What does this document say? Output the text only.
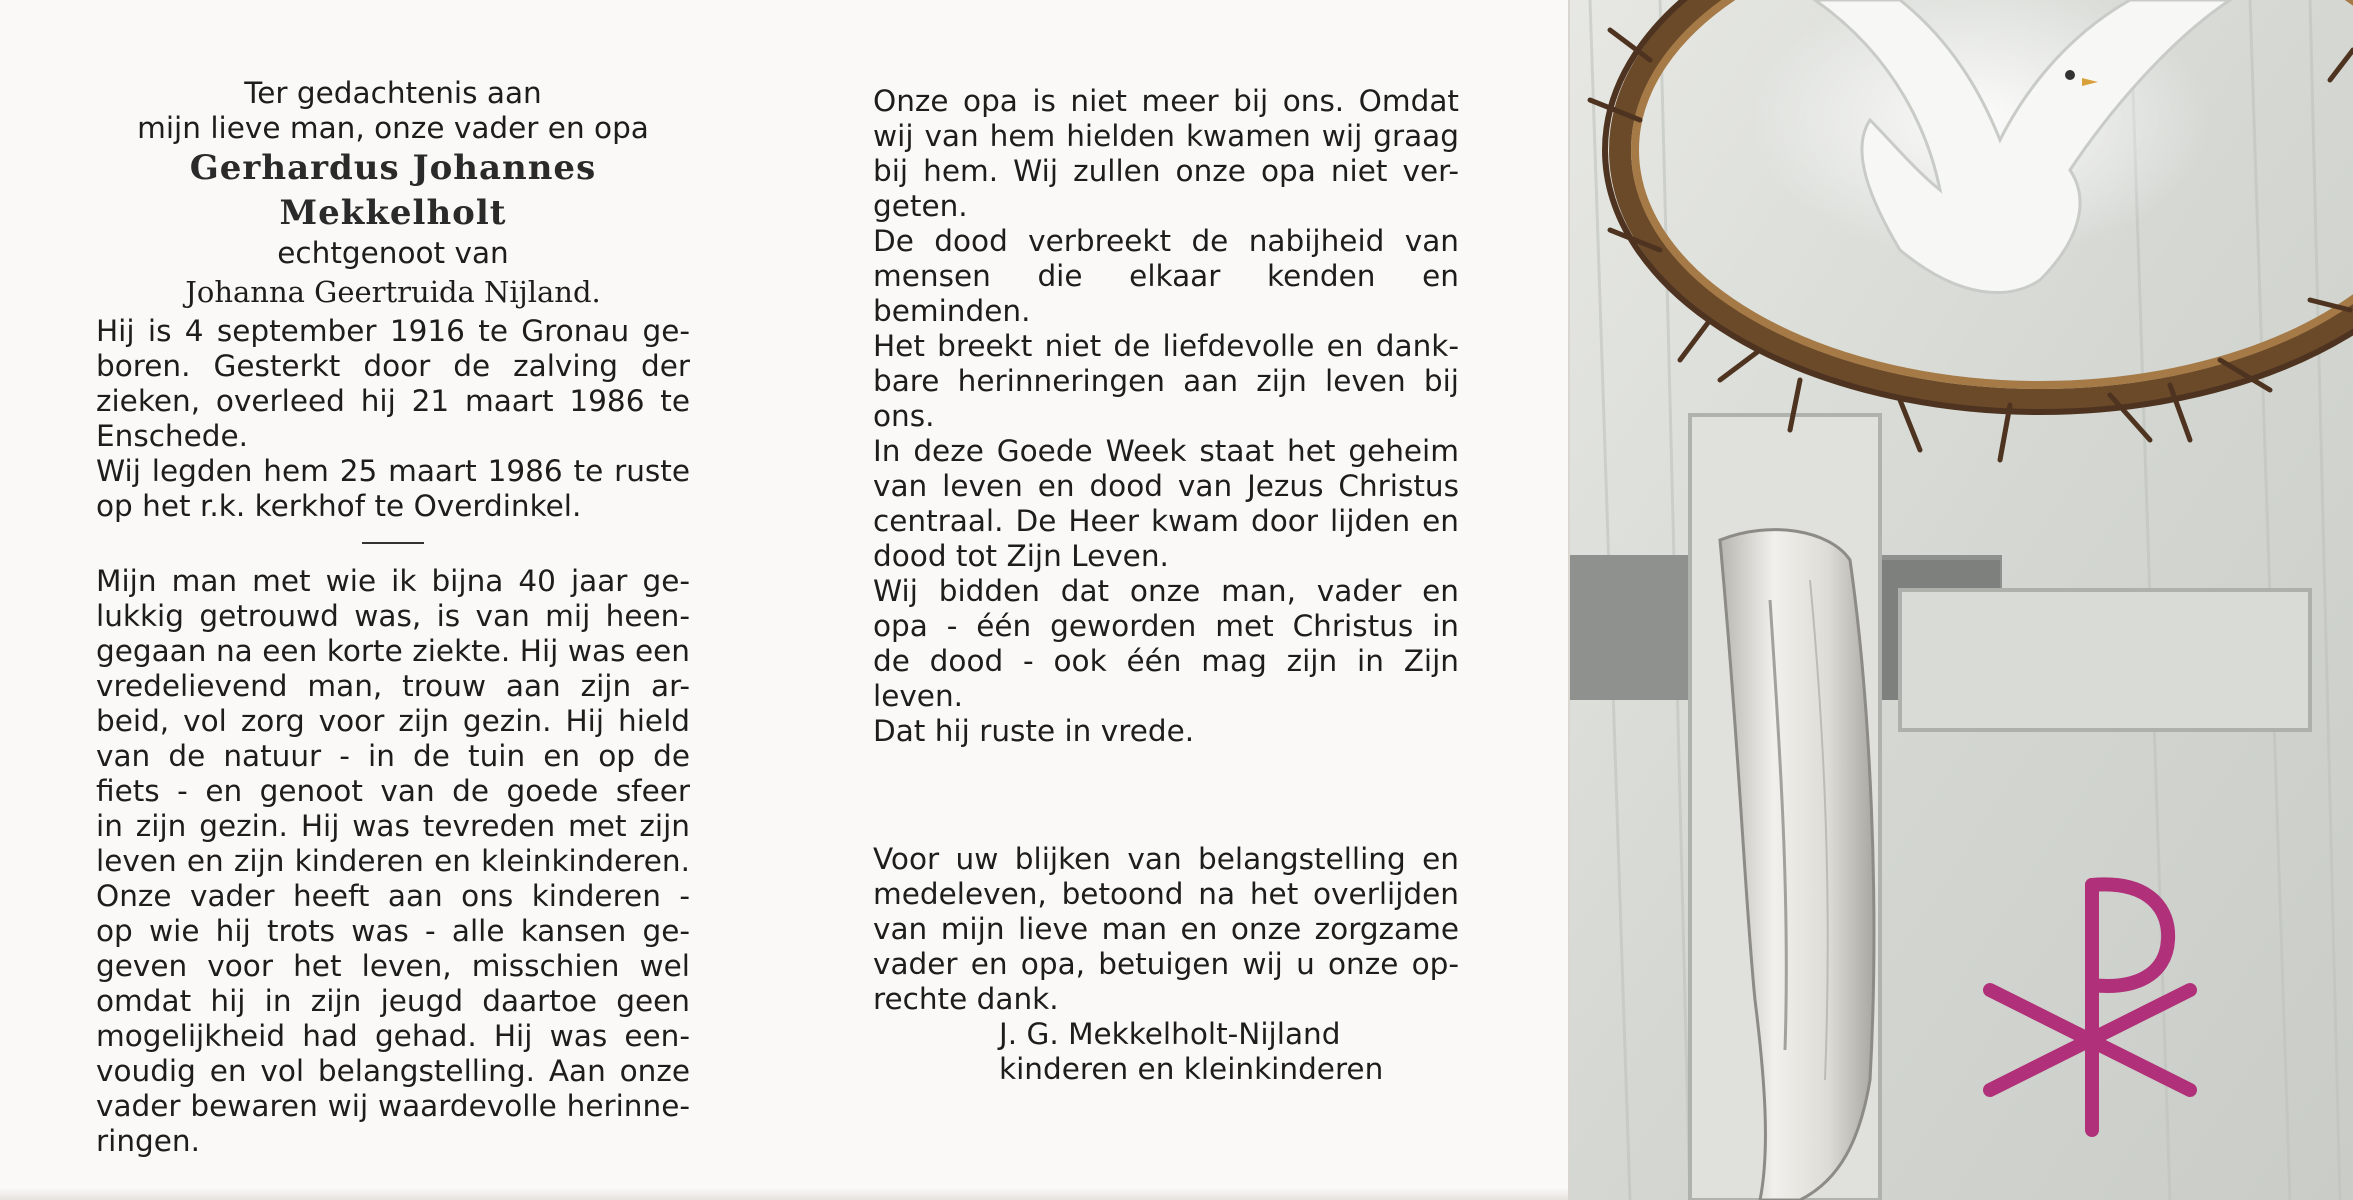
Ter gedachtenis aan

mijn lieve man, onze vader en opa

Gerhardus Johannes

Mekkelholt

echtgenoot van

Johanna Geertruida Nijland.

Hij is 4 september 1916 te Gronau ge-

boren. Gesterkt door de zalving der

zieken, overleed hij 21 maart 1986 te

Enschede.

Wij legden hem 25 maart 1986 te ruste

op het r.k. kerkhof te Overdinkel.

Mijn man met wie ik bijna 40 jaar ge-

lukkig getrouwd was, is van mij heen-

gegaan na een korte ziekte. Hij was een

vredelievend man, trouw aan zijn ar-

beid, vol zorg voor zijn gezin. Hij hield

van de natuur - in de tuin en op de

fiets - en genoot van de goede sfeer

in zijn gezin. Hij was tevreden met zijn

leven en zijn kinderen en kleinkinderen.

Onze vader heeft aan ons kinderen -

op wie hij trots was - alle kansen ge-

geven voor het leven, misschien wel

omdat hij in zijn jeugd daartoe geen

mogelijkheid had gehad. Hij was een-

voudig en vol belangstelling. Aan onze

vader bewaren wij waardevolle herinne-

ringen.

Onze opa is niet meer bij ons. Omdat

wij van hem hielden kwamen wij graag

bij hem. Wij zullen onze opa niet ver-

geten.

De dood verbreekt de nabijheid van

mensen die elkaar kenden en beminden.

Het breekt niet de liefdevolle en dank-

bare herinneringen aan zijn leven bij

ons.

In deze Goede Week staat het geheim

van leven en dood van Jezus Christus

centraal. De Heer kwam door lijden en

dood tot Zijn Leven.

Wij bidden dat onze man, vader en

opa - één geworden met Christus in

de dood - ook één mag zijn in Zijn

leven.

Dat hij ruste in vrede.

Voor uw blijken van belangstelling en

medeleven, betoond na het overlijden

van mijn lieve man en onze zorgzame

vader en opa, betuigen wij u onze op-

rechte dank.

J. G. Mekkelholt-Nijland

kinderen en kleinkinderen
